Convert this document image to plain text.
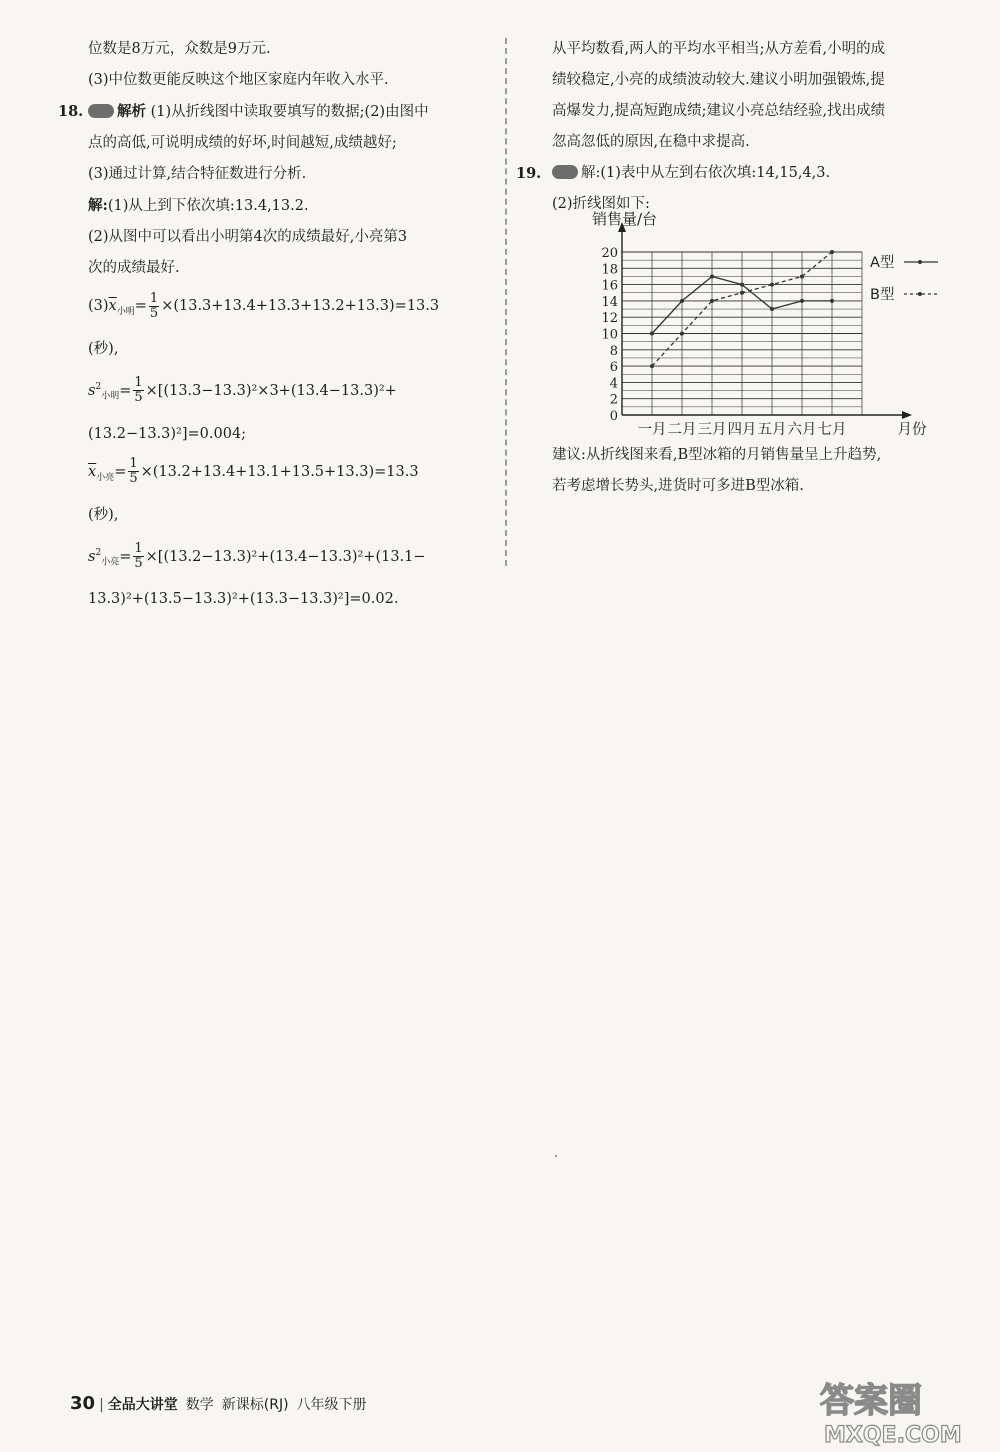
位数是8万元，众数是9万元.
(3)中位数更能反映这个地区家庭内年收入水平.
18. 解析 (1)从折线图中读取要填写的数据;(2)由图中
点的高低,可说明成绩的好坏,时间越短,成绩越好;
(3)通过计算,结合特征数进行分析.
解:(1)从上到下依次填:13.4,13.2.
(2)从图中可以看出小明第4次的成绩最好,小亮第3
次的成绩最好.
$(3)\overline{x}_{小明}= \frac{1}{5} \times(13.3+13.4+13.3+13.2+13.3)=13.3$
(秒),
$s^2_{小明}= \frac{1}{5} \times[(13.3-13.3)^2\times 3+(13.4-13.3)^2+$
(13.2−13.3)²]=0.004;
$\overline{x}_{小亮}= \frac{1}{5} \times(13.2+13.4+13.1+13.5+13.3)=13.3$
(秒),
$s^2_{小亮}= \frac{1}{5} \times[(13.2-13.3)^2+(13.4-13.3)^2+(13.1-$
13.3)²+(13.5−13.3)²+(13.3−13.3)²]=0.02.
从平均数看,两人的平均水平相当;从方差看,小明的成
绩较稳定,小亮的成绩波动较大.建议小明加强锻炼,提
高爆发力,提高短跑成绩;建议小亮总结经验,找出成绩
忽高忽低的原因,在稳中求提高.
19.	解:(1)表中从左到右依次填:14,15,4,3.
(2)折线图如下:
销售量/台
0
2
4
6
8
10
12
14
16
18
20
一月 二月 三月 四月 五月 六月 七月	月份
A型
B型
建议:从折线图来看,B型冰箱的月销售量呈上升趋势,
若考虑增长势头,进货时可多进B型冰箱.
30 | 全品大讲堂 数学 新课标(RJ) 八年级下册	答案圈
MXQE.COM
